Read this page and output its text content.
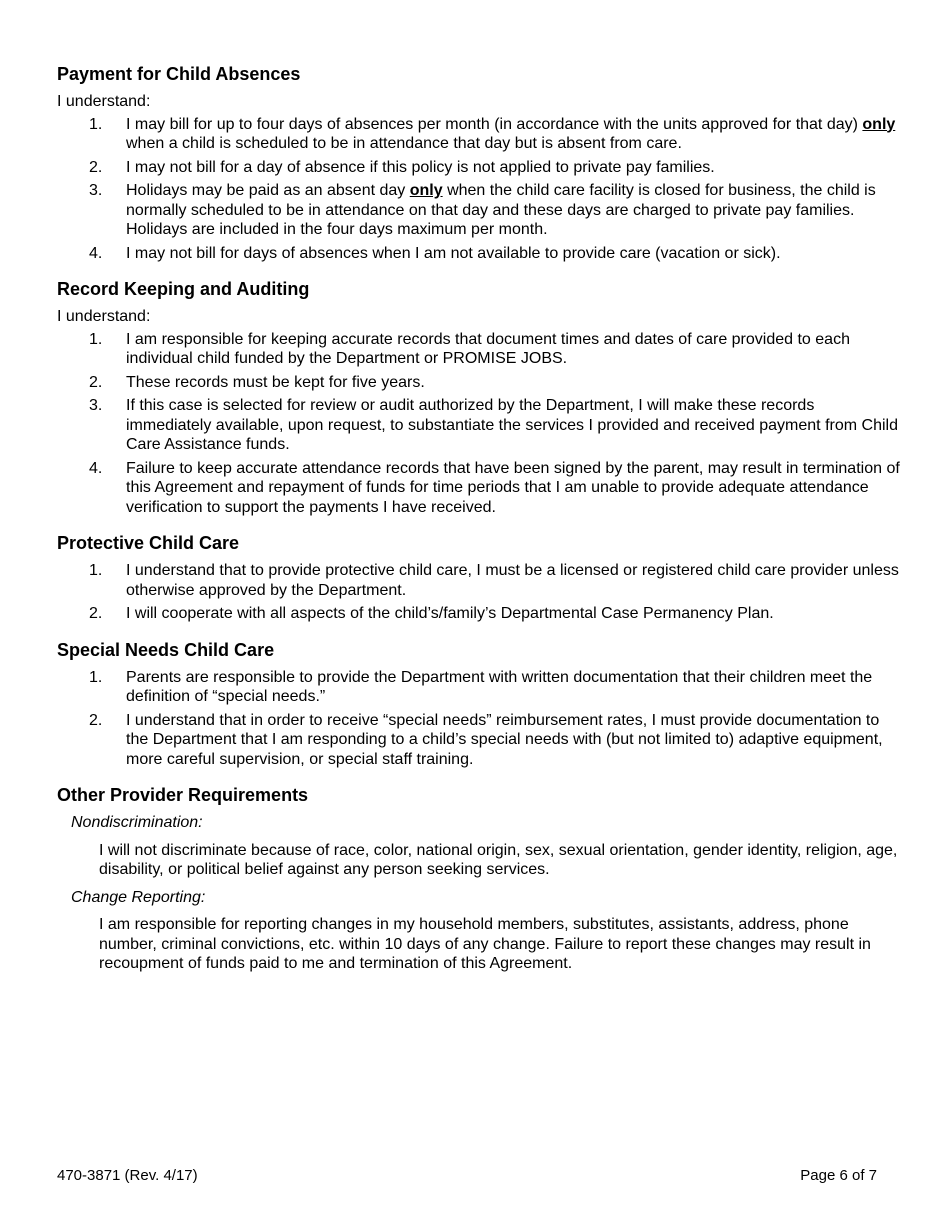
Payment for Child Absences

I understand:

1. I may bill for up to four days of absences per month (in accordance with the units approved for that day) only when a child is scheduled to be in attendance that day but is absent from care.
2. I may not bill for a day of absence if this policy is not applied to private pay families.
3. Holidays may be paid as an absent day only when the child care facility is closed for business, the child is normally scheduled to be in attendance on that day and these days are charged to private pay families. Holidays are included in the four days maximum per month.
4. I may not bill for days of absences when I am not available to provide care (vacation or sick).
Record Keeping and Auditing

I understand:

1. I am responsible for keeping accurate records that document times and dates of care provided to each individual child funded by the Department or PROMISE JOBS.
2. These records must be kept for five years.
3. If this case is selected for review or audit authorized by the Department, I will make these records immediately available, upon request, to substantiate the services I provided and received payment from Child Care Assistance funds.
4. Failure to keep accurate attendance records that have been signed by the parent, may result in termination of this Agreement and repayment of funds for time periods that I am unable to provide adequate attendance verification to support the payments I have received.
Protective Child Care
1. I understand that to provide protective child care, I must be a licensed or registered child care provider unless otherwise approved by the Department.
2. I will cooperate with all aspects of the child’s/family’s Departmental Case Permanency Plan.
Special Needs Child Care
1. Parents are responsible to provide the Department with written documentation that their children meet the definition of “special needs.”
2. I understand that in order to receive “special needs” reimbursement rates, I must provide documentation to the Department that I am responding to a child’s special needs with (but not limited to) adaptive equipment, more careful supervision, or special staff training.
Other Provider Requirements

Nondiscrimination:

I will not discriminate because of race, color, national origin, sex, sexual orientation, gender identity, religion, age, disability, or political belief against any person seeking services.

Change Reporting:

I am responsible for reporting changes in my household members, substitutes, assistants, address, phone number, criminal convictions, etc. within 10 days of any change. Failure to report these changes may result in recoupment of funds paid to me and termination of this Agreement.

470-3871 (Rev. 4/17)	Page 6 of 7
